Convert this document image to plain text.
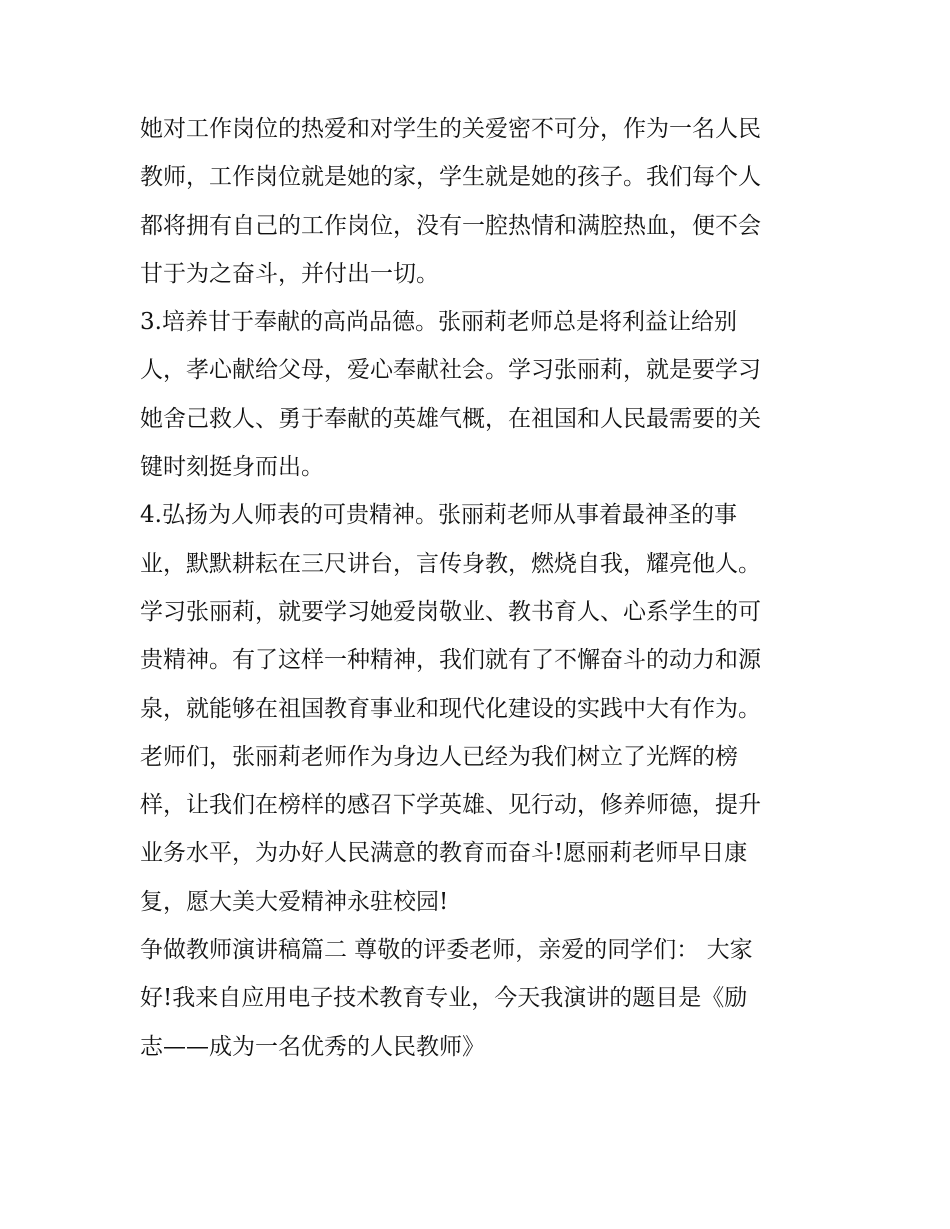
她对工作岗位的热爱和对学生的关爱密不可分，作为一名人民
教师，工作岗位就是她的家，学生就是她的孩子。我们每个人
都将拥有自己的工作岗位，没有一腔热情和满腔热血，便不会
甘于为之奋斗，并付出一切。
3.培养甘于奉献的高尚品德。张丽莉老师总是将利益让给别
人，孝心献给父母，爱心奉献社会。学习张丽莉，就是要学习
她舍己救人、勇于奉献的英雄气概，在祖国和人民最需要的关
键时刻挺身而出。
4.弘扬为人师表的可贵精神。张丽莉老师从事着最神圣的事
业，默默耕耘在三尺讲台，言传身教，燃烧自我，耀亮他人。
学习张丽莉，就要学习她爱岗敬业、教书育人、心系学生的可
贵精神。有了这样一种精神，我们就有了不懈奋斗的动力和源
泉，就能够在祖国教育事业和现代化建设的实践中大有作为。
老师们，张丽莉老师作为身边人已经为我们树立了光辉的榜
样，让我们在榜样的感召下学英雄、见行动，修养师德，提升
业务水平，为办好人民满意的教育而奋斗!愿丽莉老师早日康
复，愿大美大爱精神永驻校园!
争做教师演讲稿篇二 尊敬的评委老师，亲爱的同学们： 大家
好!我来自应用电子技术教育专业，今天我演讲的题目是《励
志——成为一名优秀的人民教师》
